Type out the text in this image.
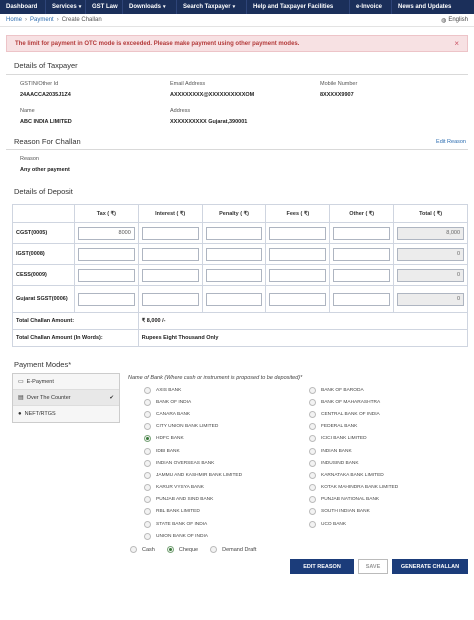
Dashboard Services ▾ GST Law Downloads ▾	Search Taxpayer ▾	Help and Taxpayer Facilities	e-Invoice	News and Updates
Home › Payment › Create Challan	◍ English
The limit for payment in OTC mode is exceeded. Please make payment using other payment modes.	×
Details of Taxpayer
GSTIN/Other Id
24AACCA2035J1Z4
Email Address
AXXXXXXXX@XXXXXXXXXXOM
Mobile Number
8XXXXX9907
Name
ABC INDIA LIMITED
Address
XXXXXXXXXX Gujarat,390001
Reason For Challan	Edit Reason
Reason
Any other payment
Details of Deposit
	Tax ( ₹)	Interest ( ₹)	Penalty ( ₹)	Fees ( ₹)	Other ( ₹)	Total ( ₹)
CGST(0005)	8000					8,000

IGST(0008)						0

CESS(0009)						0

Gujarat SGST(0006)						0

Total Challan Amount:		₹ 8,000 /-				
Total Challan Amount (In Words):		Rupees Eight Thousand Only				
Payment Modes*
▭ E-Payment
▤ Over The Counter	✔
● NEFT/RTGS
Name of Bank (Where cash or instrument is proposed to be deposited)*
AXIS BANK
BANK OF INDIA
CANARA BANK
CITY UNION BANK LIMITED
HDFC BANK
IDBI BANK
INDIAN OVERSEAS BANK
JAMMU AND KASHMIR BANK LIMITED
KARUR VYSYA BANK
PUNJAB AND SIND BANK
RBL BANK LIMITED
STATE BANK OF INDIA
UNION BANK OF INDIA
BANK OF BARODA
BANK OF MAHARASHTRA
CENTRAL BANK OF INDIA
FEDERAL BANK
ICICI BANK LIMITED
INDIAN BANK
INDUSIND BANK
KARNATAKA BANK LIMITED
KOTAK MAHINDRA BANK LIMITED
PUNJAB NATIONAL BANK
SOUTH INDIAN BANK
UCO BANK
Cash	Cheque	Demand Draft
EDIT REASON	SAVE	GENERATE CHALLAN
